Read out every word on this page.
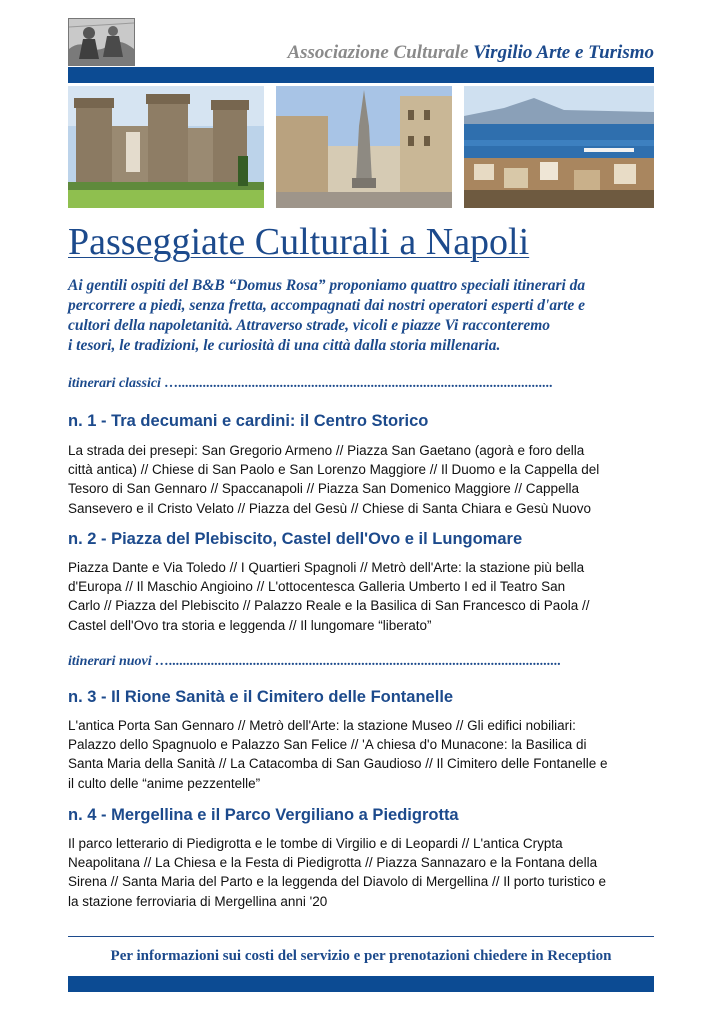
Associazione Culturale Virgilio Arte e Turismo
Passeggiate Culturali a Napoli

Ai gentili ospiti del B&B “Domus Rosa” proponiamo quattro speciali itinerari da

percorrere a piedi, senza fretta, accompagnati dai nostri operatori esperti d'arte e

cultori della napoletanità. Attraverso strade, vicoli e piazze Vi racconteremo

i tesori, le tradizioni, le curiosità di una città dalla storia millenaria.

itinerari classici …...........................................................................................................
n. 1 - Tra decumani e cardini: il Centro Storico

La strada dei presepi: San Gregorio Armeno // Piazza San Gaetano (agorà e foro della

città antica) // Chiese di San Paolo e San Lorenzo Maggiore // Il Duomo e la Cappella del

Tesoro di San Gennaro // Spaccanapoli // Piazza San Domenico Maggiore // Cappella

Sansevero e il Cristo Velato // Piazza del Gesù // Chiese di Santa Chiara e Gesù Nuovo

n. 2 - Piazza del Plebiscito, Castel dell'Ovo e il Lungomare

Piazza Dante e Via Toledo // I Quartieri Spagnoli // Metrò dell'Arte: la stazione più bella

d'Europa // Il Maschio Angioino // L'ottocentesca Galleria Umberto I ed il Teatro San

Carlo // Piazza del Plebiscito // Palazzo Reale e la Basilica di San Francesco di Paola //

Castel dell'Ovo tra storia e leggenda // Il lungomare “liberato”

itinerari nuovi …................................................................................................................
n. 3 - Il Rione Sanità e il Cimitero delle Fontanelle

L'antica Porta San Gennaro // Metrò dell'Arte: la stazione Museo // Gli edifici nobiliari:

Palazzo dello Spagnuolo e Palazzo San Felice // 'A chiesa d'o Munacone: la Basilica di

Santa Maria della Sanità // La Catacomba di San Gaudioso // Il Cimitero delle Fontanelle e

il culto delle “anime pezzentelle”

n. 4 - Mergellina e il Parco Vergiliano a Piedigrotta

Il parco letterario di Piedigrotta e le tombe di Virgilio e di Leopardi // L'antica Crypta

Neapolitana // La Chiesa e la Festa di Piedigrotta // Piazza Sannazaro e la Fontana della

Sirena // Santa Maria del Parto e la leggenda del Diavolo di Mergellina // Il porto turistico e

la stazione ferroviaria di Mergellina anni '20

Per informazioni sui costi del servizio e per prenotazioni chiedere in Reception
